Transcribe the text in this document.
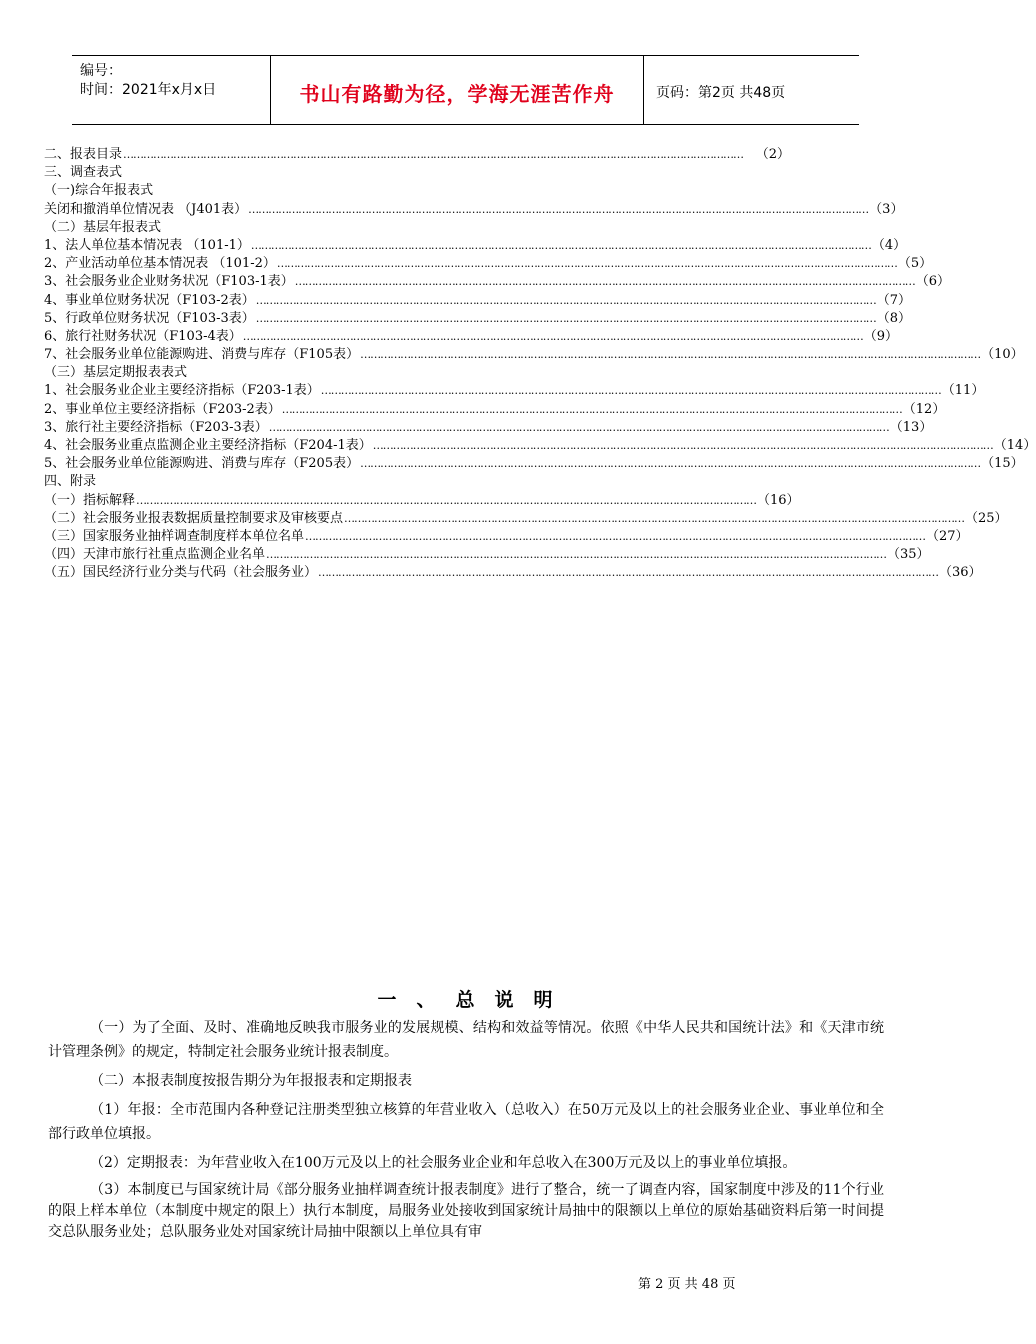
编号：
时间：2021年x月x日	书山有路勤为径，学海无涯苦作舟	页码：第2页 共48页
二、报表目录 …………………………………………………………………………………………………………………………………………………………………… （2）
三、调查表式
（一)综合年报表式
关闭和撤消单位情况表 （J401表） …………………………………………………………………………………………………………………………………………………………………… （3）
（二）基层年报表式
1、法人单位基本情况表 （101-1） …………………………………………………………………………………………………………………………………………………………………… （4）
2、产业活动单位基本情况表 （101-2） …………………………………………………………………………………………………………………………………………………………………… （5）
3、社会服务业企业财务状况（F103-1表） …………………………………………………………………………………………………………………………………………………………………… （6）
4、事业单位财务状况（F103-2表） …………………………………………………………………………………………………………………………………………………………………… （7）
5、行政单位财务状况（F103-3表） …………………………………………………………………………………………………………………………………………………………………… （8）
6、旅行社财务状况（F103-4表） …………………………………………………………………………………………………………………………………………………………………… （9）
7、社会服务业单位能源购进、消费与库存（F105表） …………………………………………………………………………………………………………………………………………………………………… （10）
（三）基层定期报表表式
1、社会服务业企业主要经济指标（F203-1表） …………………………………………………………………………………………………………………………………………………………………… （11）
2、事业单位主要经济指标（F203-2表） …………………………………………………………………………………………………………………………………………………………………… （12）
3、旅行社主要经济指标（F203-3表） …………………………………………………………………………………………………………………………………………………………………… （13）
4、社会服务业重点监测企业主要经济指标（F204-1表） …………………………………………………………………………………………………………………………………………………………………… （14）
5、社会服务业单位能源购进、消费与库存（F205表） …………………………………………………………………………………………………………………………………………………………………… （15）
四、附录
（一）指标解释 …………………………………………………………………………………………………………………………………………………………………… （16）
（二）社会服务业报表数据质量控制要求及审核要点 …………………………………………………………………………………………………………………………………………………………………… （25）
（三）国家服务业抽样调查制度样本单位名单 …………………………………………………………………………………………………………………………………………………………………… （27）
（四）天津市旅行社重点监测企业名单 …………………………………………………………………………………………………………………………………………………………………… （35）
（五）国民经济行业分类与代码（社会服务业） …………………………………………………………………………………………………………………………………………………………………… （36）
一、总说明

（一）为了全面、及时、准确地反映我市服务业的发展规模、结构和效益等情况。依照《中华人民共和国统计法》和《天津市统计管理条例》的规定，特制定社会服务业统计报表制度。

（二）本报表制度按报告期分为年报报表和定期报表

（1）年报：全市范围内各种登记注册类型独立核算的年营业收入（总收入）在50万元及以上的社会服务业企业、事业单位和全部行政单位填报。

（2）定期报表：为年营业收入在100万元及以上的社会服务业企业和年总收入在300万元及以上的事业单位填报。

（3）本制度已与国家统计局《部分服务业抽样调查统计报表制度》进行了整合，统一了调查内容，国家制度中涉及的11个行业的限上样本单位（本制度中规定的限上）执行本制度，局服务业处接收到国家统计局抽中的限额以上单位的原始基础资料后第一时间提交总队服务业处；总队服务业处对国家统计局抽中限额以上单位具有审

第 2 页 共 48 页
